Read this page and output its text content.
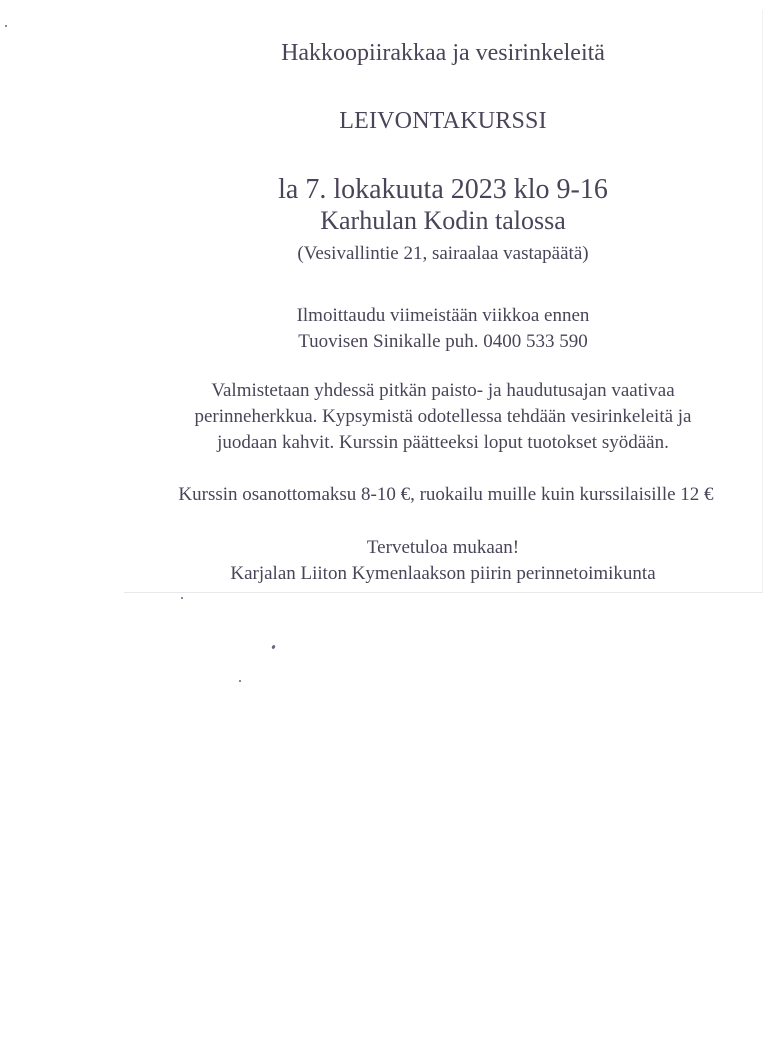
Hakkoopiirakkaa ja vesirinkeleitä
LEIVONTAKURSSI
la 7. lokakuuta 2023 klo 9-16
Karhulan Kodin talossa
(Vesivallintie 21, sairaalaa vastapäätä)
Ilmoittaudu viimeistään viikkoa ennen
Tuovisen Sinikalle puh. 0400 533 590
Valmistetaan yhdessä pitkän paisto- ja haudutusajan vaativaa
perinneherkkua. Kypsymistä odotellessa tehdään vesirinkeleitä ja
juodaan kahvit. Kurssin päätteeksi loput tuotokset syödään.
Kurssin osanottomaksu 8-10 €, ruokailu muille kuin kurssilaisille 12 €
Tervetuloa mukaan!
Karjalan Liiton Kymenlaakson piirin perinnetoimikunta
